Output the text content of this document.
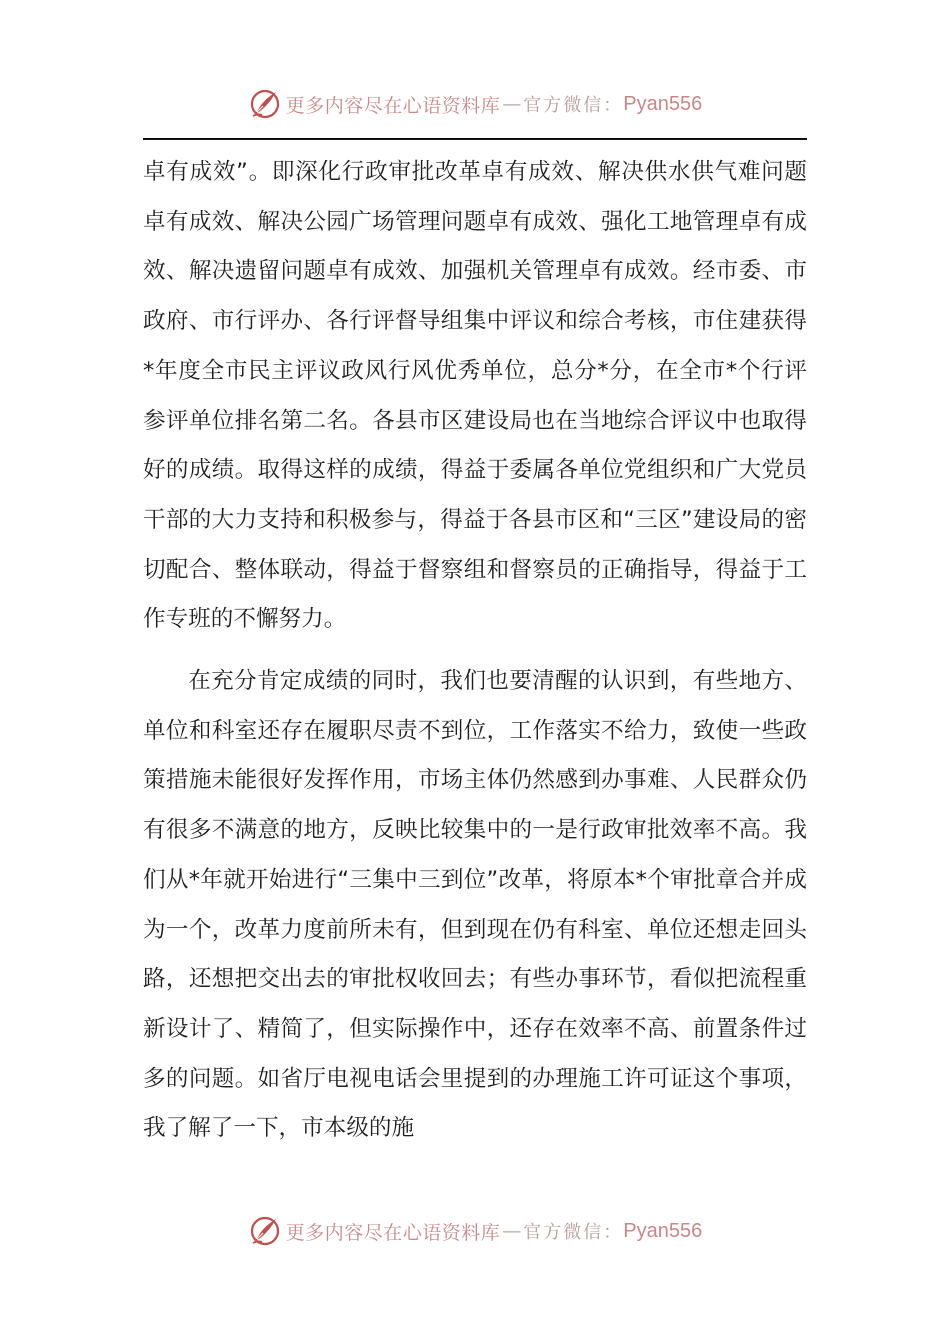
更多内容尽在心语资料库 — 官方微信： Pyan556

卓有成效”。即深化行政审批改革卓有成效、解决供水供气难问题卓有成效、解决公园广场管理问题卓有成效、强化工地管理卓有成效、解决遗留问题卓有成效、加强机关管理卓有成效。经市委、市政府、市行评办、各行评督导组集中评议和综合考核，市住建获得*年度全市民主评议政风行风优秀单位，总分*分，在全市*个行评参评单位排名第二名。各县市区建设局也在当地综合评议中也取得好的成绩。取得这样的成绩，得益于委属各单位党组织和广大党员干部的大力支持和积极参与，得益于各县市区和“三区”建设局的密切配合、整体联动，得益于督察组和督察员的正确指导，得益于工作专班的不懈努力。

在充分肯定成绩的同时，我们也要清醒的认识到，有些地方、单位和科室还存在履职尽责不到位，工作落实不给力，致使一些政策措施未能很好发挥作用，市场主体仍然感到办事难、人民群众仍有很多不满意的地方，反映比较集中的一是行政审批效率不高。我们从*年就开始进行“三集中三到位”改革，将原本*个审批章合并成为一个，改革力度前所未有，但到现在仍有科室、单位还想走回头路，还想把交出去的审批权收回去；有些办事环节，看似把流程重新设计了、精简了，但实际操作中，还存在效率不高、前置条件过多的问题。如省厅电视电话会里提到的办理施工许可证这个事项，我了解了一下，市本级的施

更多内容尽在心语资料库 — 官方微信： Pyan556
